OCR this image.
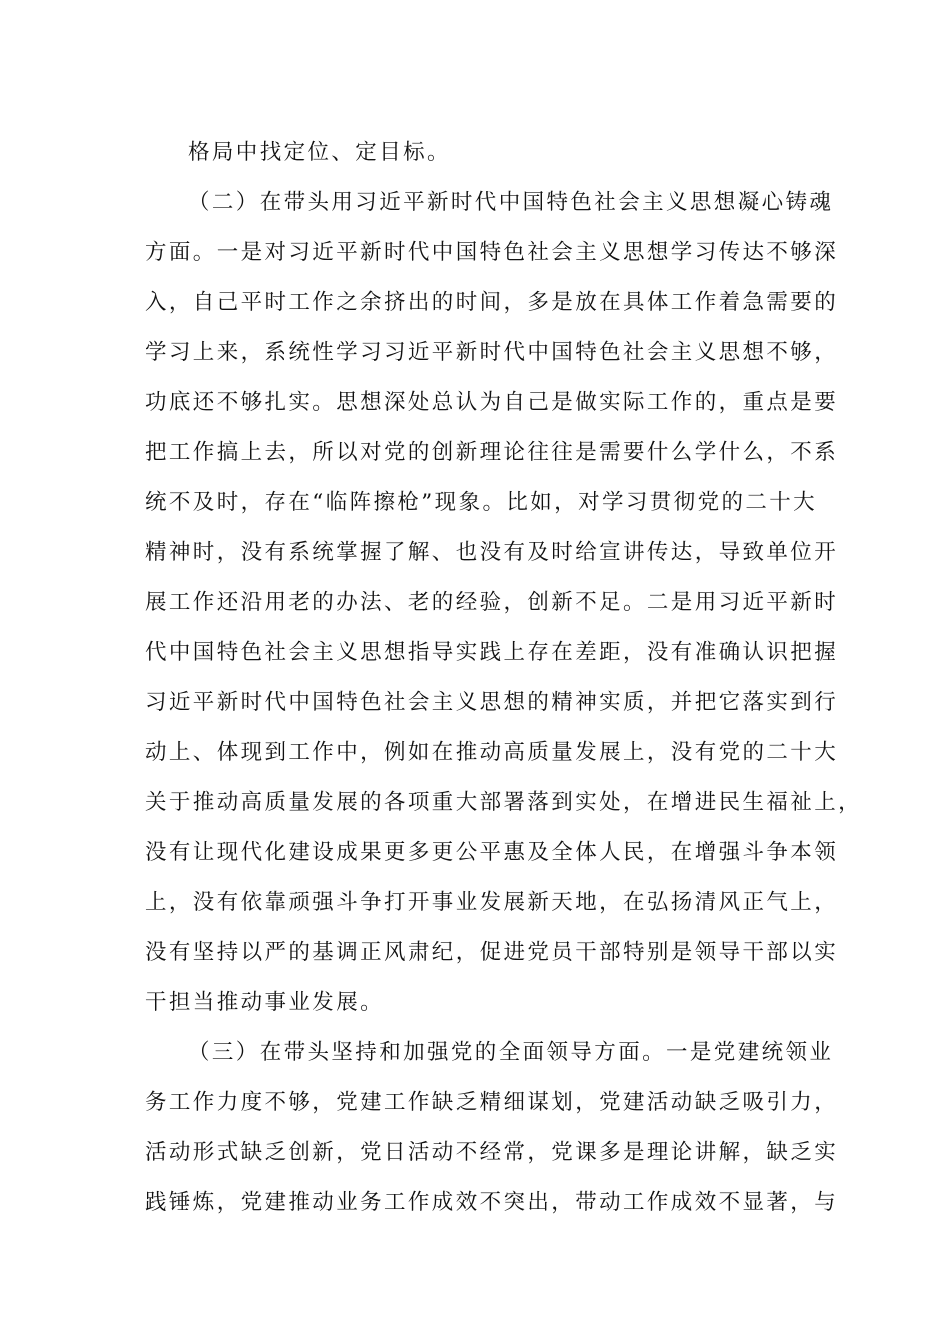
格局中找定位、定目标。
（二）在带头用习近平新时代中国特色社会主义思想凝心铸魂
方面。一是对习近平新时代中国特色社会主义思想学习传达不够深
入，自己平时工作之余挤出的时间，多是放在具体工作着急需要的
学习上来，系统性学习习近平新时代中国特色社会主义思想不够，
功底还不够扎实。思想深处总认为自己是做实际工作的，重点是要
把工作搞上去，所以对党的创新理论往往是需要什么学什么，不系
统不及时，存在“临阵擦枪”现象。比如，对学习贯彻党的二十大
精神时，没有系统掌握了解、也没有及时给宣讲传达，导致单位开
展工作还沿用老的办法、老的经验，创新不足。二是用习近平新时
代中国特色社会主义思想指导实践上存在差距，没有准确认识把握
习近平新时代中国特色社会主义思想的精神实质，并把它落实到行
动上、体现到工作中，例如在推动高质量发展上，没有党的二十大
关于推动高质量发展的各项重大部署落到实处，在增进民生福祉上，
没有让现代化建设成果更多更公平惠及全体人民，在增强斗争本领
上，没有依靠顽强斗争打开事业发展新天地，在弘扬清风正气上，
没有坚持以严的基调正风肃纪，促进党员干部特别是领导干部以实
干担当推动事业发展。
（三）在带头坚持和加强党的全面领导方面。一是党建统领业
务工作力度不够，党建工作缺乏精细谋划，党建活动缺乏吸引力，
活动形式缺乏创新，党日活动不经常，党课多是理论讲解，缺乏实
践锤炼，党建推动业务工作成效不突出，带动工作成效不显著，与
